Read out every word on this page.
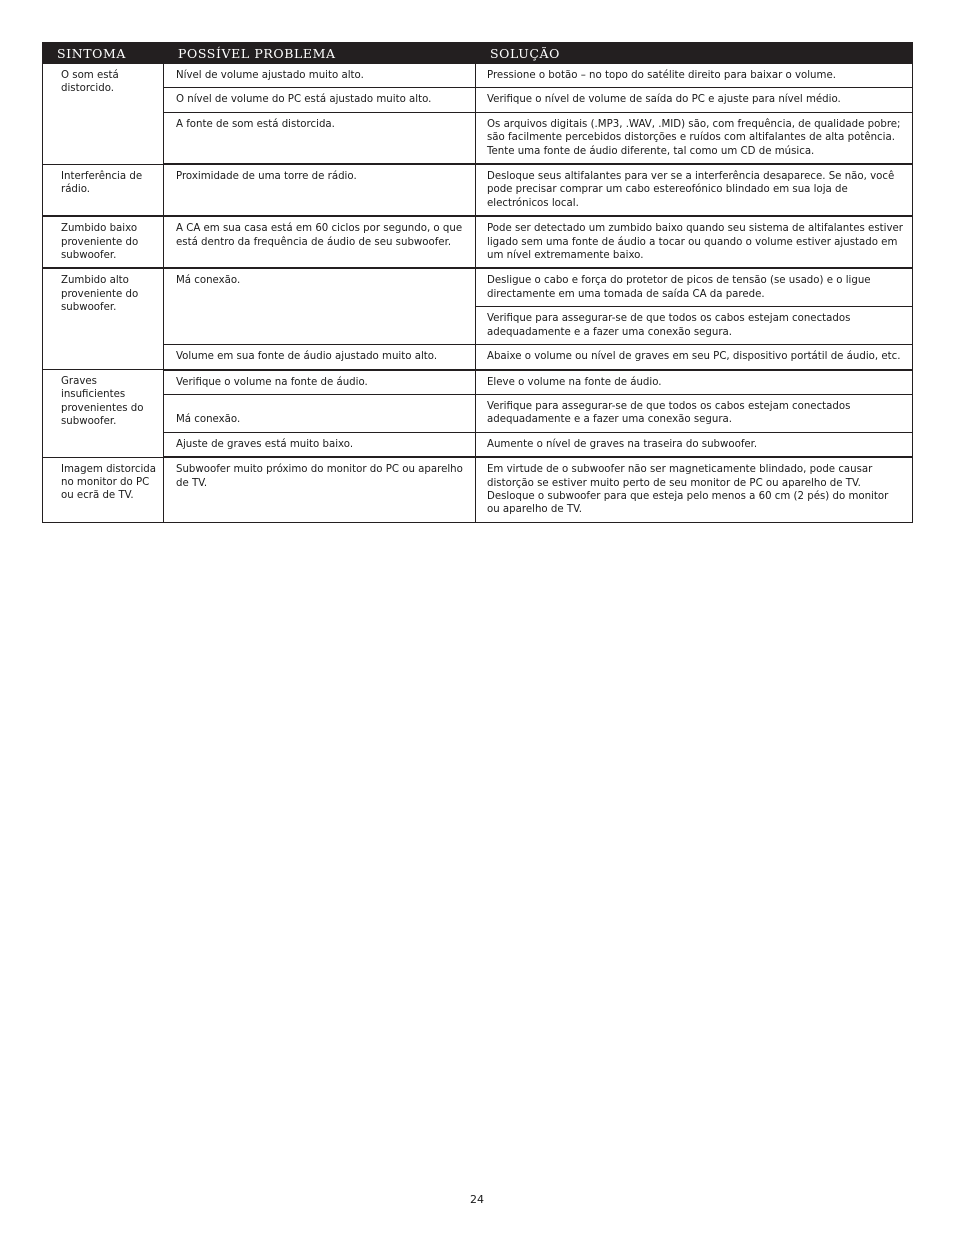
SINTOMA	POSSÍVEL PROBLEMA	SOLUÇÃO
O som está distorcido.	Nível de volume ajustado muito alto.	Pressione o botão – no topo do satélite direito para baixar o volume.
	O nível de volume do PC está ajustado muito alto.	Verifique o nível de volume de saída do PC e ajuste para nível médio.
	A fonte de som está distorcida.	Os arquivos digitais (.MP3, .WAV, .MID) são, com frequência, de qualidade pobre; são facilmente percebidos distorções e ruídos com altifalantes de alta potência. Tente uma fonte de áudio diferente, tal como um CD de música.
Interferência de rádio.	Proximidade de uma torre de rádio.	Desloque seus altifalantes para ver se a interferência desaparece. Se não, você pode precisar comprar um cabo estereofónico blindado em sua loja de electrónicos local.
Zumbido baixo proveniente do subwoofer.	A CA em sua casa está em 60 ciclos por segundo, o que está dentro da frequência de áudio de seu subwoofer.	Pode ser detectado um zumbido baixo quando seu sistema de altifalantes estiver ligado sem uma fonte de áudio a tocar ou quando o volume estiver ajustado em um nível extremamente baixo.
Zumbido alto proveniente do subwoofer.	Má conexão.	Desligue o cabo e força do protetor de picos de tensão (se usado) e o ligue directamente em uma tomada de saída CA da parede.
		Verifique para assegurar-se de que todos os cabos estejam conectados adequadamente e a fazer uma conexão segura.
	Volume em sua fonte de áudio ajustado muito alto.	Abaixe o volume ou nível de graves em seu PC, dispositivo portátil de áudio, etc.
Graves insuficientes provenientes do subwoofer.	Verifique o volume na fonte de áudio.	Eleve o volume na fonte de áudio.
	Má conexão.	Verifique para assegurar-se de que todos os cabos estejam conectados adequadamente e a fazer uma conexão segura.
	Ajuste de graves está muito baixo.	Aumente o nível de graves na traseira do subwoofer.
Imagem distorcida no monitor do PC ou ecrã de TV.	Subwoofer muito próximo do monitor do PC ou aparelho de TV.	Em virtude de o subwoofer não ser magneticamente blindado, pode causar distorção se estiver muito perto de seu monitor de PC ou aparelho de TV. Desloque o subwoofer para que esteja pelo menos a 60 cm (2 pés) do monitor ou aparelho de TV.
24
